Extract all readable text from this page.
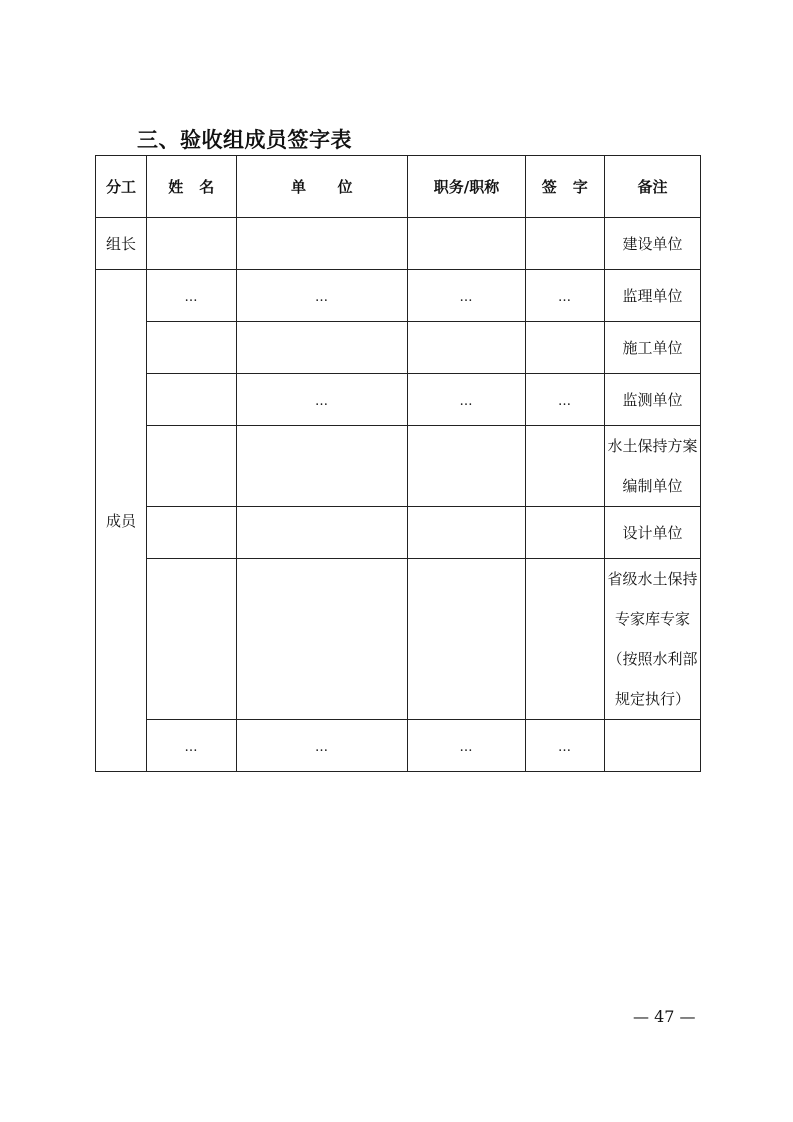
三、验收组成员签字表
分工	姓　名	单　　位	职务/职称	签　字	备注
组长					建设单位
成员	…	…	…	…	监理单位
					施工单位
		…	…	…	监测单位
					水土保持方案编制单位
					设计单位
					省级水土保持专家库专家（按照水利部规定执行）
	…	…	…	…	
— 47 —
